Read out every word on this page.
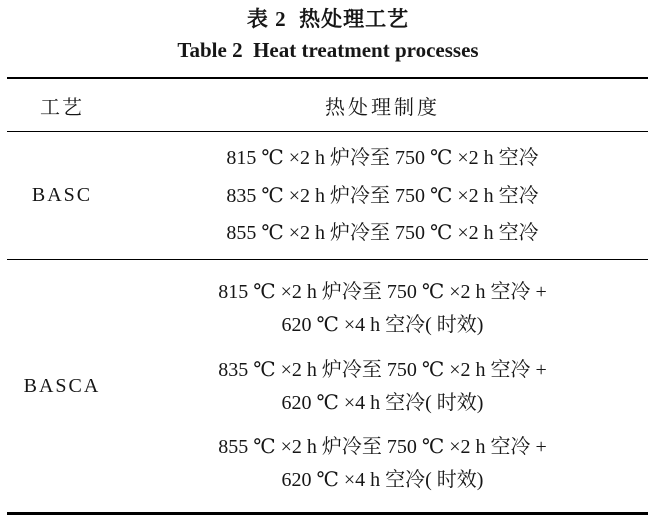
表 2  热处理工艺
Table 2  Heat treatment processes
工艺	热处理制度
BASC
815 ℃ ×2 h 炉冷至 750 ℃ ×2 h 空冷
835 ℃ ×2 h 炉冷至 750 ℃ ×2 h 空冷
855 ℃ ×2 h 炉冷至 750 ℃ ×2 h 空冷
BASCA
815 ℃ ×2 h 炉冷至 750 ℃ ×2 h 空冷 +
620 ℃ ×4 h 空冷( 时效)
835 ℃ ×2 h 炉冷至 750 ℃ ×2 h 空冷 +
620 ℃ ×4 h 空冷( 时效)
855 ℃ ×2 h 炉冷至 750 ℃ ×2 h 空冷 +
620 ℃ ×4 h 空冷( 时效)
